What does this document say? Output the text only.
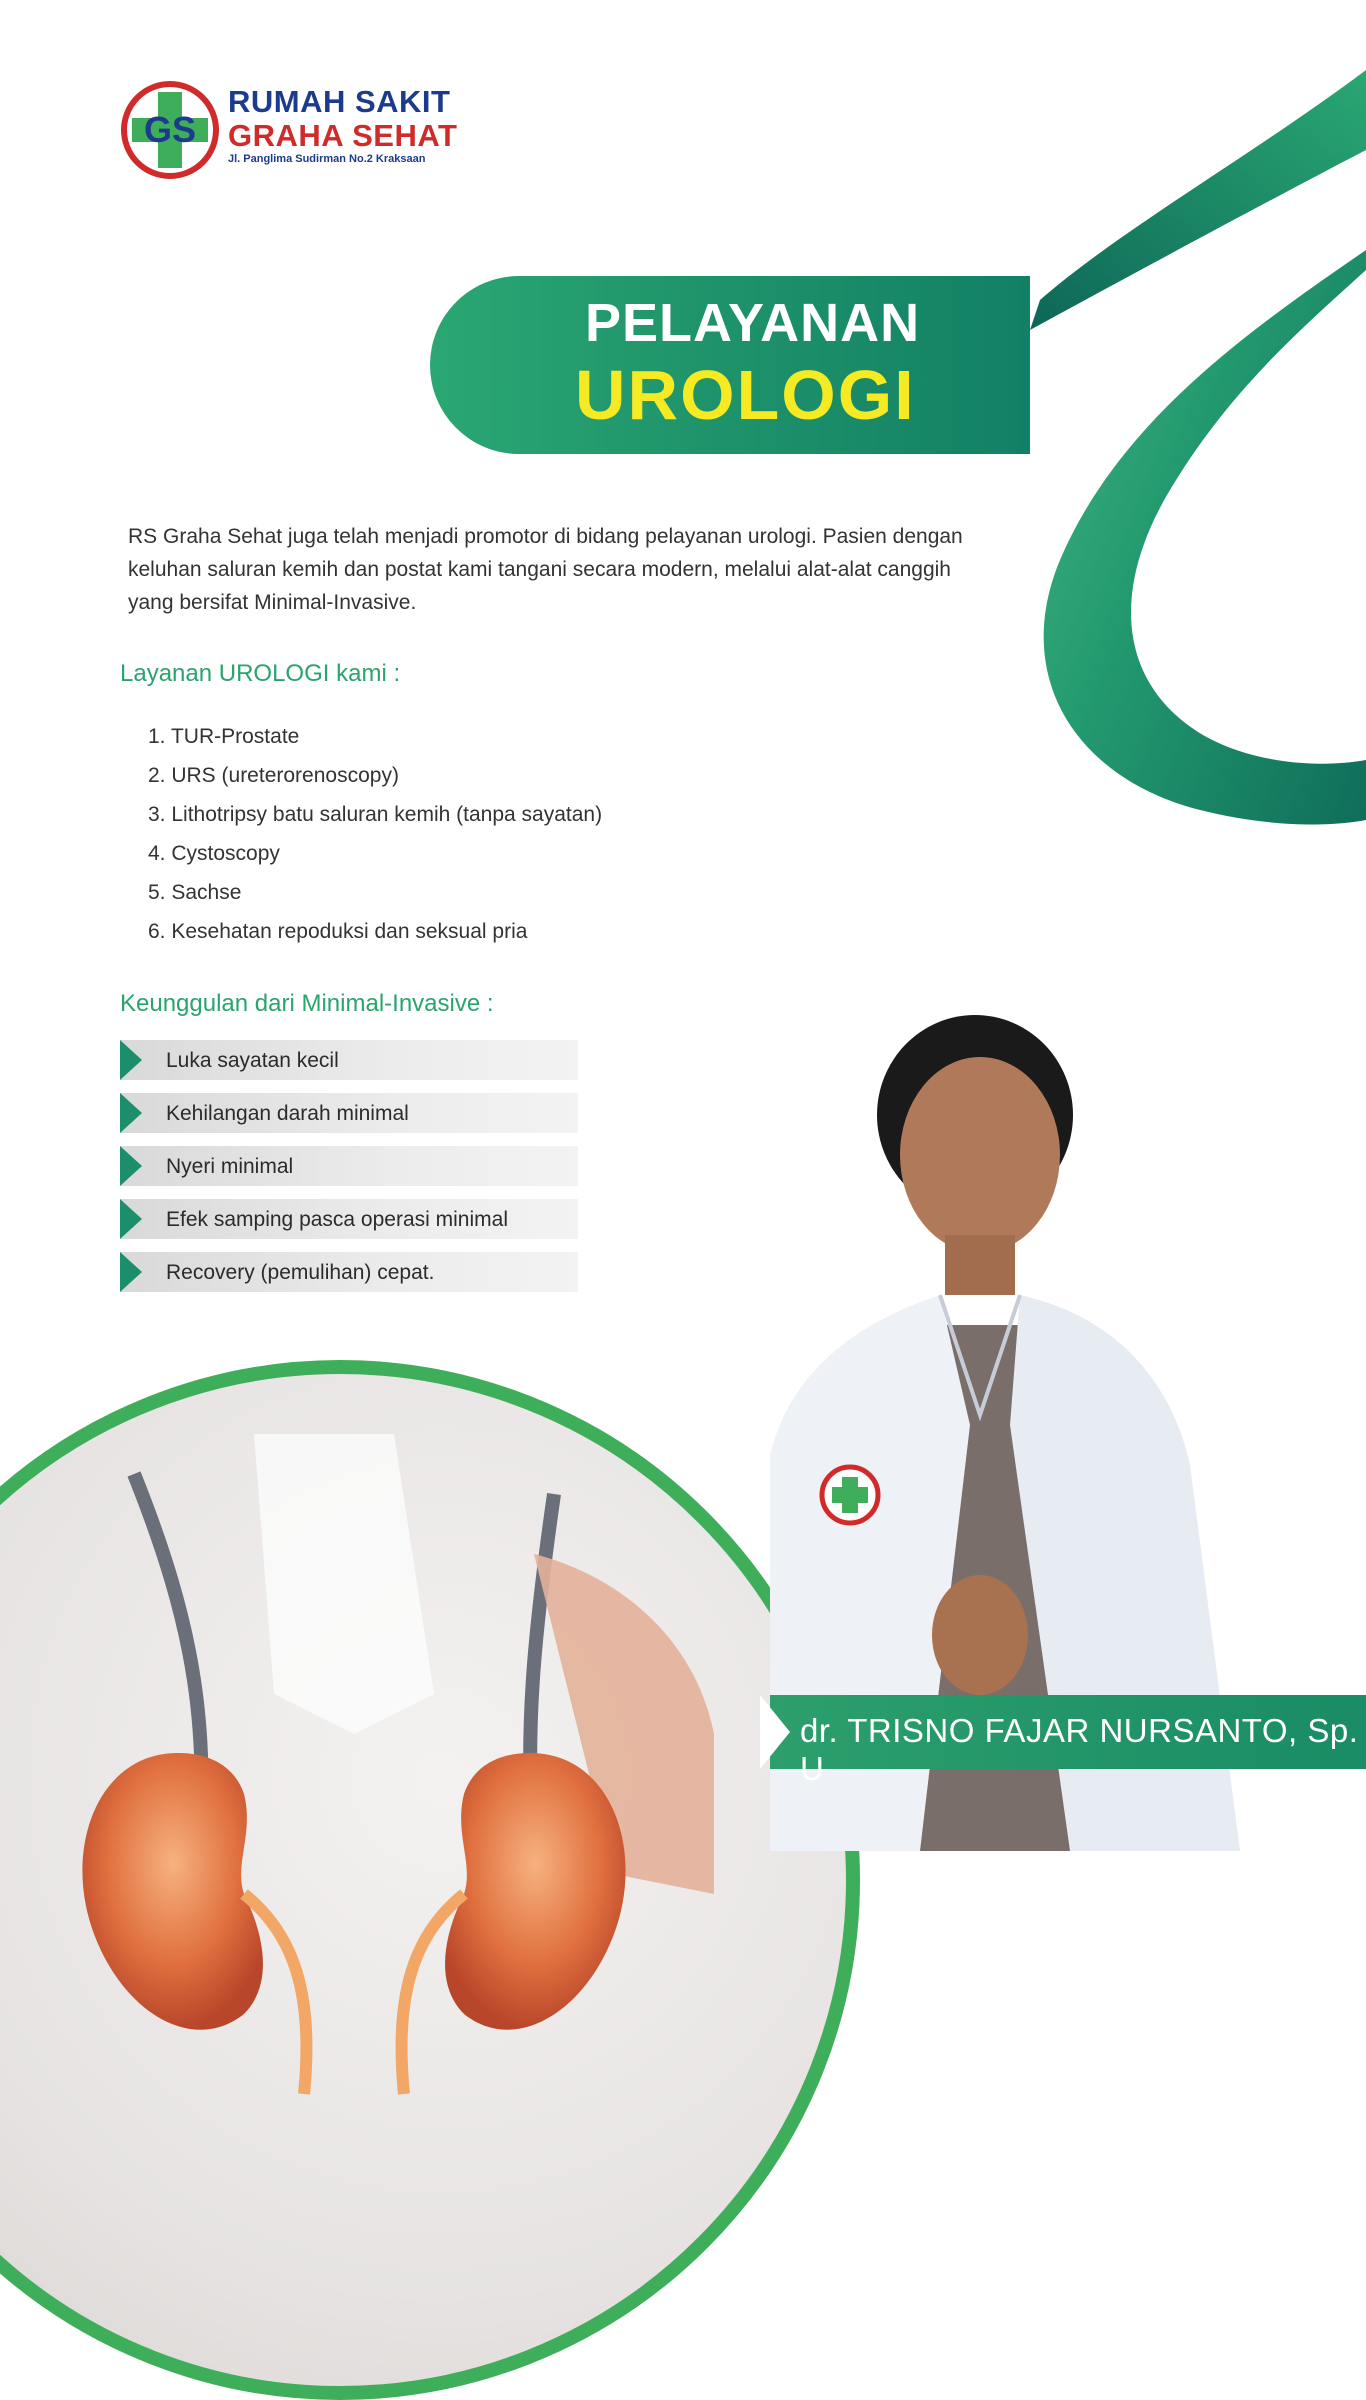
GS
RUMAH SAKIT
GRAHA SEHAT
Jl. Panglima Sudirman No.2 Kraksaan
PELAYANAN
UROLOGI
RS Graha Sehat juga telah menjadi promotor di bidang pelayanan urologi. Pasien dengan keluhan saluran kemih dan postat kami tangani secara modern, melalui alat-alat canggih yang bersifat Minimal-Invasive.
Layanan UROLOGI kami :
1. TUR-Prostate
2. URS (ureterorenoscopy)
3. Lithotripsy batu saluran kemih (tanpa sayatan)
4. Cystoscopy
5. Sachse
6. Kesehatan repoduksi dan seksual pria
Keunggulan dari Minimal-Invasive :
Luka sayatan kecil
Kehilangan darah minimal
Nyeri minimal
Efek samping pasca operasi minimal
Recovery (pemulihan) cepat.
dr. TRISNO FAJAR NURSANTO, Sp. U
